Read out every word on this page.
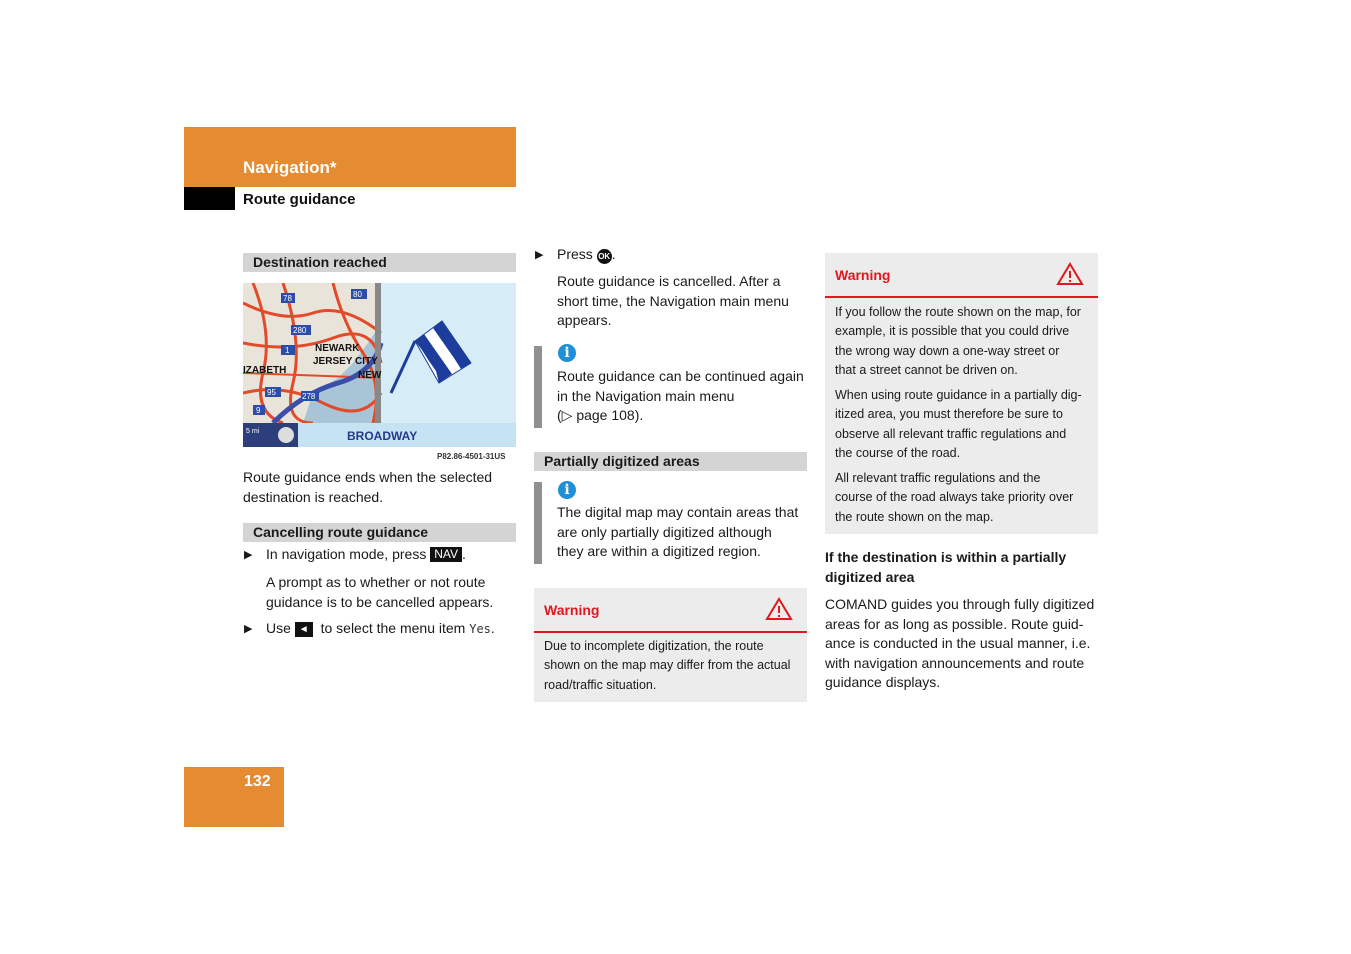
Navigation*
Route guidance
Destination reached
NEWARK
JERSEY CITY
IZABETH	NEW
280
78	80
1
95
9
278
5 mi	BROADWAY
P82.86-4501-31US
Route guidance ends when the selected
destination is reached.
Cancelling route guidance
▶ In navigation mode, press NAV .
A prompt as to whether or not route
guidance is to be cancelled appears.
▶ Use ◄ to select the menu item Yes.
▶ Press OK .
Route guidance is cancelled. After a
short time, the Navigation main menu
appears.
i
Route guidance can be continued again
in the Navigation main menu
(▷ page 108).
Partially digitized areas
i
The digital map may contain areas that
are only partially digitized although
they are within a digitized region.
Warning
Due to incomplete digitization, the route
shown on the map may differ from the actual
road/traffic situation.
Warning
If you follow the route shown on the map, for
example, it is possible that you could drive
the wrong way down a one-way street or
that a street cannot be driven on.
When using route guidance in a partially dig-
itized area, you must therefore be sure to
observe all relevant traffic regulations and
the course of the road.
All relevant traffic regulations and the
course of the road always take priority over
the route shown on the map.
If the destination is within a partially
digitized area
COMAND guides you through fully digitized
areas for as long as possible. Route guid-
ance is conducted in the usual manner, i.e.
with navigation announcements and route
guidance displays.
132
